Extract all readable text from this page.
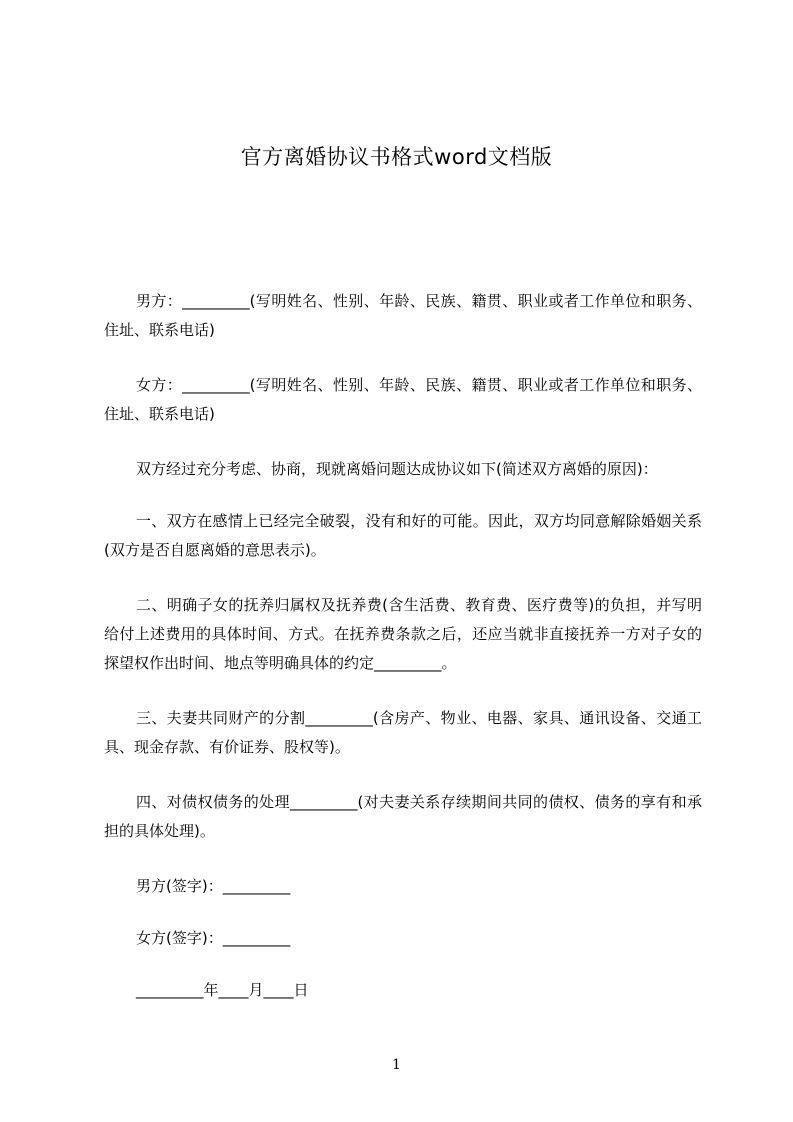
官方离婚协议书格式word文档版

男方：_________(写明姓名、性别、年龄、民族、籍贯、职业或者工作单位和职务、住址、联系电话)

女方：_________(写明姓名、性别、年龄、民族、籍贯、职业或者工作单位和职务、住址、联系电话)

双方经过充分考虑、协商，现就离婚问题达成协议如下(简述双方离婚的原因)：

一、双方在感情上已经完全破裂，没有和好的可能。因此，双方均同意解除婚姻关系(双方是否自愿离婚的意思表示)。

二、明确子女的抚养归属权及抚养费(含生活费、教育费、医疗费等)的负担，并写明给付上述费用的具体时间、方式。在抚养费条款之后，还应当就非直接抚养一方对子女的探望权作出时间、地点等明确具体的约定_________。

三、夫妻共同财产的分割_________(含房产、物业、电器、家具、通讯设备、交通工具、现金存款、有价证券、股权等)。

四、对债权债务的处理_________(对夫妻关系存续期间共同的债权、债务的享有和承担的具体处理)。

男方(签字)：_________

女方(签字)：_________

_________年____月____日

1
